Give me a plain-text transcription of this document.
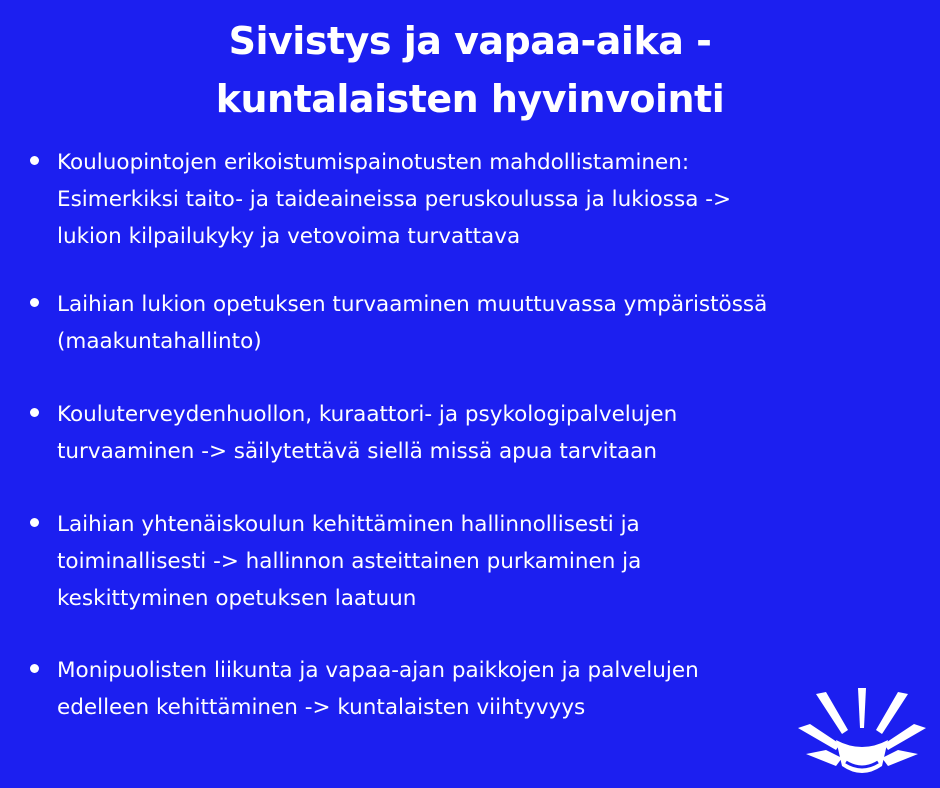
Sivistys ja vapaa-aika -
kuntalaisten hyvinvointi
Kouluopintojen erikoistumispainotusten mahdollistaminen:
Esimerkiksi taito- ja taideaineissa peruskoulussa ja lukiossa ->
lukion kilpailukyky ja vetovoima turvattava
Laihian lukion opetuksen turvaaminen muuttuvassa ympäristössä
(maakuntahallinto)
Kouluterveydenhuollon, kuraattori- ja psykologipalvelujen
turvaaminen -> säilytettävä siellä missä apua tarvitaan
Laihian yhtenäiskoulun kehittäminen hallinnollisesti ja
toiminallisesti -> hallinnon asteittainen purkaminen ja
keskittyminen opetuksen laatuun
Monipuolisten liikunta ja vapaa-ajan paikkojen ja palvelujen
edelleen kehittäminen -> kuntalaisten viihtyvyys
